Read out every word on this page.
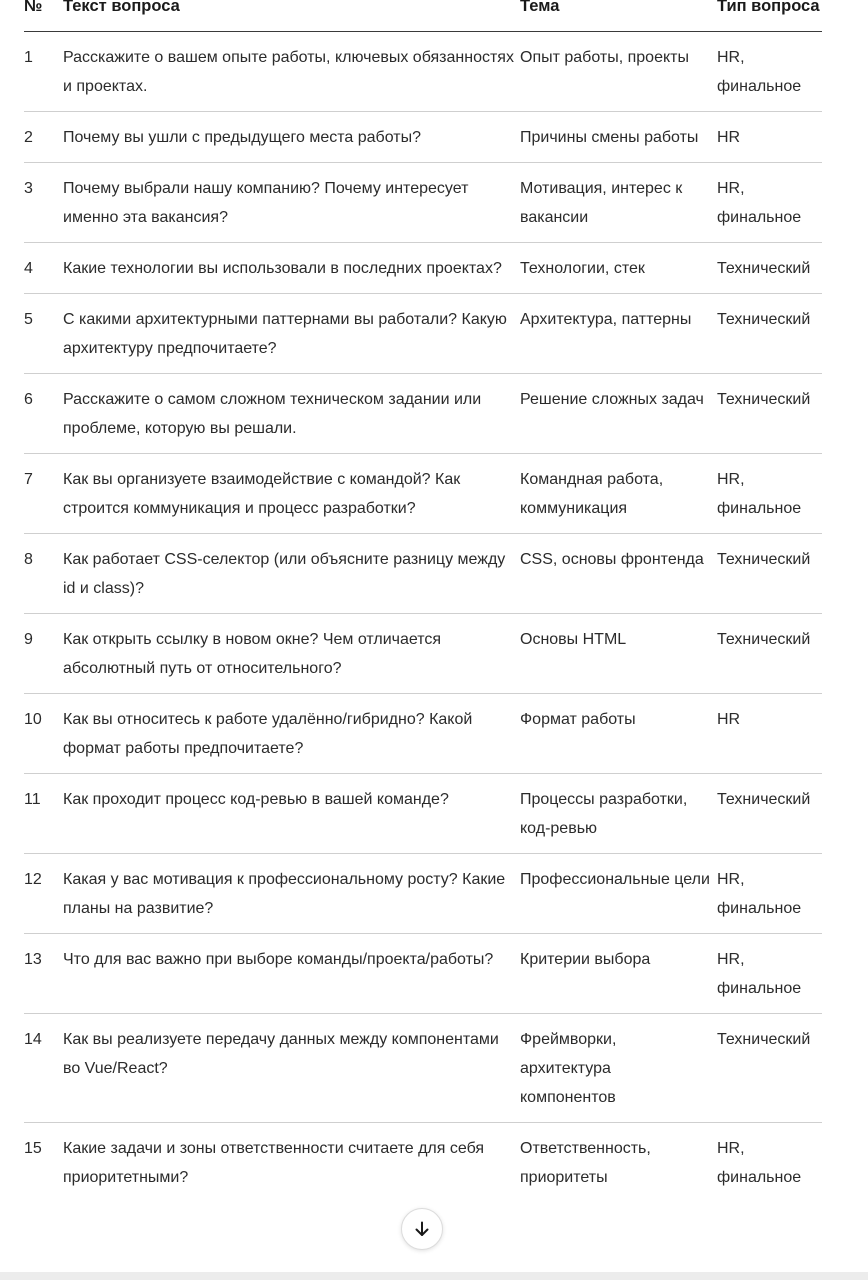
№	Текст вопроса	Тема	Тип вопроса
1	Расскажите о вашем опыте работы, ключевых обязанностях и проектах.	Опыт работы, проекты	HR, финальное
2	Почему вы ушли с предыдущего места работы?	Причины смены работы	HR
3	Почему выбрали нашу компанию? Почему интересует именно эта вакансия?	Мотивация, интерес к вакансии	HR, финальное
4	Какие технологии вы использовали в последних проектах?	Технологии, стек	Технический
5	С какими архитектурными паттернами вы работали? Какую архитектуру предпочитаете?	Архитектура, паттерны	Технический
6	Расскажите о самом сложном техническом задании или проблеме, которую вы решали.	Решение сложных задач	Технический
7	Как вы организуете взаимодействие с командой? Как строится коммуникация и процесс разработки?	Командная работа, коммуникация	HR, финальное
8	Как работает CSS-селектор (или объясните разницу между id и class)?	CSS, основы фронтенда	Технический
9	Как открыть ссылку в новом окне? Чем отличается абсолютный путь от относительного?	Основы HTML	Технический
10	Как вы относитесь к работе удалённо/гибридно? Какой формат работы предпочитаете?	Формат работы	HR
11	Как проходит процесс код-ревью в вашей команде?	Процессы разработки, код-ревью	Технический
12	Какая у вас мотивация к профессиональному росту? Какие планы на развитие?	Профессиональные цели	HR, финальное
13	Что для вас важно при выборе команды/проекта/работы?	Критерии выбора	HR, финальное
14	Как вы реализуете передачу данных между компонентами во Vue/React?	Фреймворки, архитектура компонентов	Технический
15	Какие задачи и зоны ответственности считаете для себя приоритетными?	Ответственность, приоритеты	HR, финальное
